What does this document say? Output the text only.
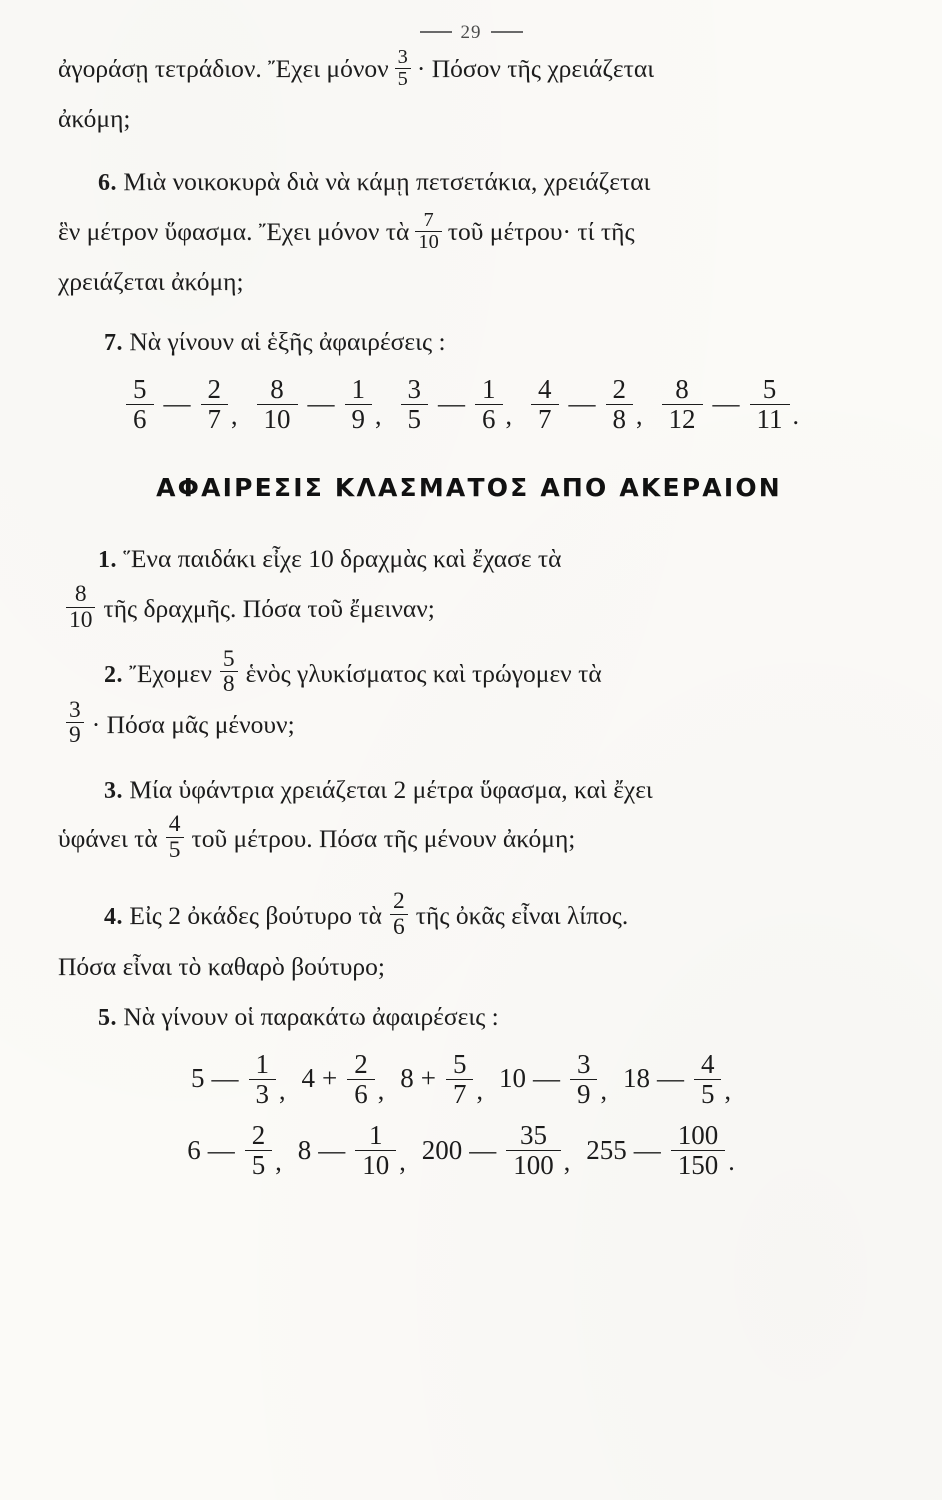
29

ἀγοράσῃ τετράδιον. Ἔχει μόνον $\frac{3}{5} \cdot \Pi ό\sigma o\nu$ τῆς χρειάζεται
ἀκόμη;

6. Μιὰ νοικοκυρὰ διὰ νὰ κάμῃ πετσετάκια, χρειάζεται
ἓν μέτρον ὕφασμα. Ἔχει μόνον τὰ $\frac{7}{10}$ τοῦ μέτρου· τί τῆς
χρειάζεται ἀκόμη;

7. Νὰ γίνουν αἱ ἑξῆς ἀφαιρέσεις :

$\frac{5}{6}$ — $\frac{2}{7}$ , $\frac{8}{10}$ — $\frac{1}{9}$ , $\frac{3}{5}$ — $\frac{1}{6}$ , $\frac{4}{7}$ — $\frac{2}{8}$ , $\frac{8}{12}$ — $\frac{5}{11}$ .
ΑΦΑΙΡΕΣΙΣ ΚΛΑΣΜΑΤΟΣ ΑΠΟ ΑΚΕΡΑΙΟΝ

1. Ἕνα παιδάκι εἶχε 10 δραχμὰς καὶ ἔχασε τὰ

$\frac{8}{10}$ τῆς δραχμῆς. Πόσα τοῦ ἔμειναν;

2. Ἔχομεν $\frac{5}{8}$ ἑνὸς γλυκίσματος καὶ τρώγομεν τὰ

$\frac{3}{9} \cdot \Pi ό\sigma\alpha$ μᾶς μένουν;

3. Μία ὑφάντρια χρειάζεται 2 μέτρα ὕφασμα, καὶ ἔχει
ὑφάνει τὰ $\frac{4}{5}$ τοῦ μέτρου. Πόσα τῆς μένουν ἀκόμη;

4. Εἰς 2 ὀκάδες βούτυρο τὰ $\frac{2}{6}$ τῆς ὀκᾶς εἶναι λίπος.
Πόσα εἶναι τὸ καθαρὸ βούτυρο;

5. Νὰ γίνουν οἱ παρακάτω ἀφαιρέσεις :

5 — $\frac{1}{3}$ , $4 + \frac{2}{6}$ , $8 + \frac{5}{7}$ , 10 — $\frac{3}{9}$ , 18 — $\frac{4}{5}$ ,
6 — $\frac{2}{5}$ , 8 — $\frac{1}{10}$ , 200 — $\frac{35}{100}$ , 255 — $\frac{100}{150}$ .
